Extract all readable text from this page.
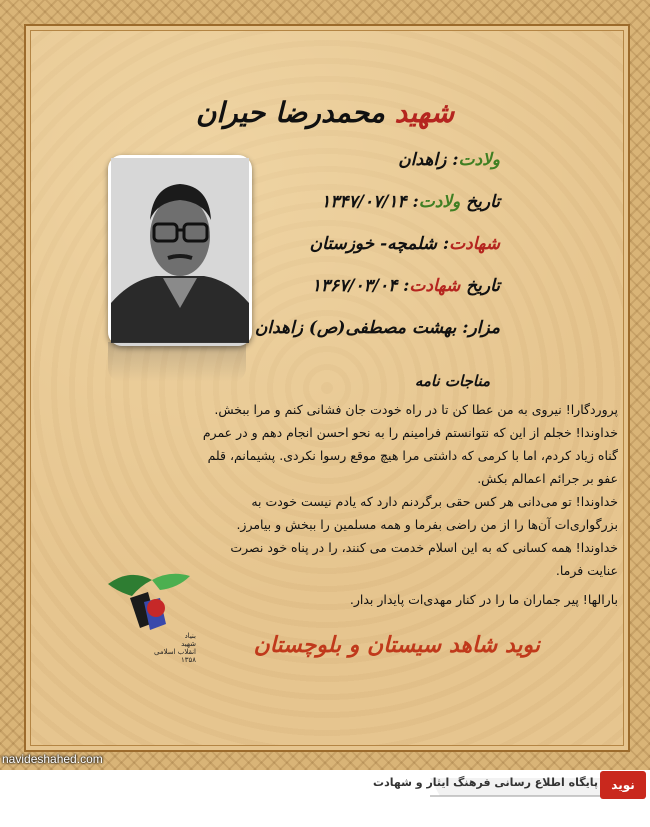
شهید محمدرضا حیران
ولادت: زاهدان
تاریخ ولادت: ۱۳۴۷/۰۷/۱۴
شهادت: شلمچه- خوزستان
تاریخ شهادت: ۱۳۶۷/۰۳/۰۴
مزار: بهشت مصطفی(ص) زاهدان
مناجات نامه
پروردگارا! نیروی به من عطا کن تا در راه خودت جان فشانی کنم و مرا ببخش.
خداوندا! خجلم از این که نتوانستم فرامینم را به نحو احسن انجام دهم و در عمرم
گناه زیاد کردم، اما با کرمی که داشتی مرا هیچ موقع رسوا نکردی. پشیمانم، قلم
عفو بر جرائم اعمالم بکش.
خداوندا! تو می‌دانی هر کس حقی برگردنم دارد که یادم نیست خودت به
بزرگواری‌ات آن‌ها را از من راضی بفرما و همه مسلمین را ببخش و بیامرز.
خداوندا! همه کسانی که به این اسلام خدمت می کنند، را در پناه خود نصرت
عنایت فرما.
بارالها! پیر جماران ما را در کنار مهدی‌ات پایدار بدار.
بنیاد
شهید
انقلاب اسلامی
۱۳۵۸
نوید شاهد سیستان و بلوچستان
navideshahed.com
پایگاه اطلاع رسانی فرهنگ ایثار و شهادت	نوید شاهد
